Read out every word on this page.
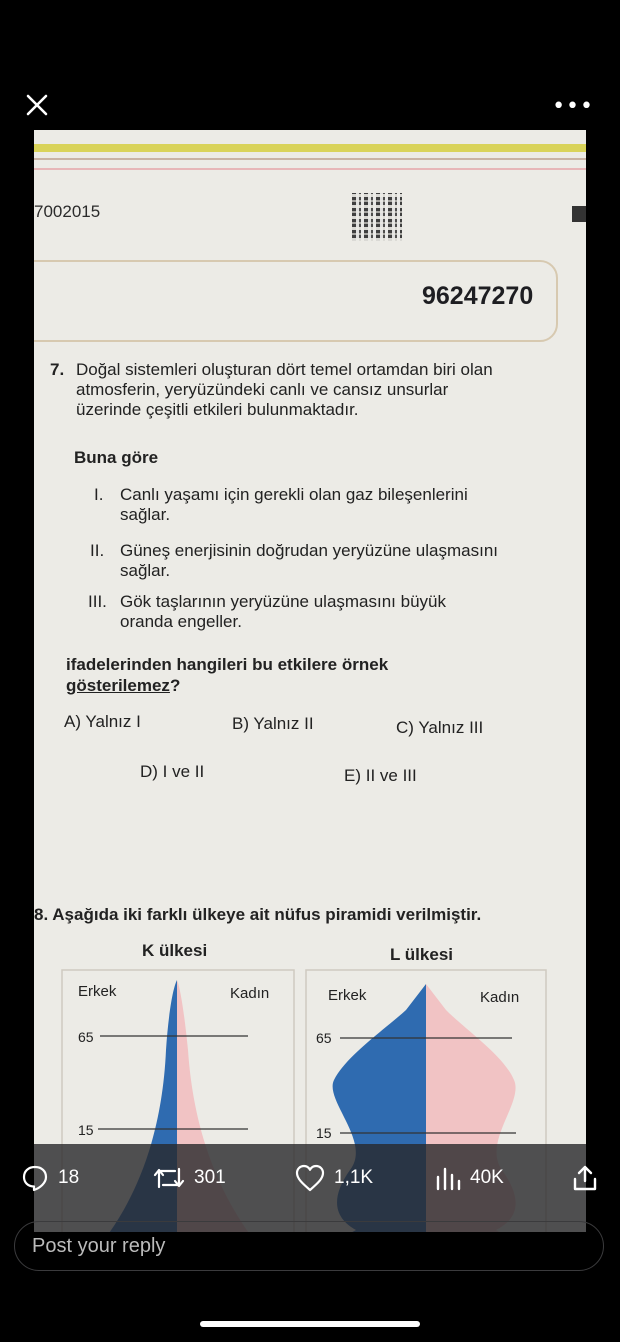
•••
7002015
96247270
7. Doğal sistemleri oluşturan dört temel ortamdan biri olan
atmosferin, yeryüzündeki canlı ve cansız unsurlar
üzerinde çeşitli etkileri bulunmaktadır.
Buna göre
I. Canlı yaşamı için gerekli olan gaz bileşenlerini
sağlar.
II. Güneş enerjisinin doğrudan yeryüzüne ulaşmasını
sağlar.
III. Gök taşlarının yeryüzüne ulaşmasını büyük
oranda engeller.
ifadelerinden hangileri bu etkilere örnek
gösterilemez?
A) Yalnız I	B) Yalnız II	C) Yalnız III
D) I ve II	E) II ve III
8. Aşağıda iki farklı ülkeye ait nüfus piramidi verilmiştir.
K ülkesi
Erkek	Kadın
65
15
L ülkesi
Erkek	Kadın
65
15
18	301	1,1K	40K
Post your reply
